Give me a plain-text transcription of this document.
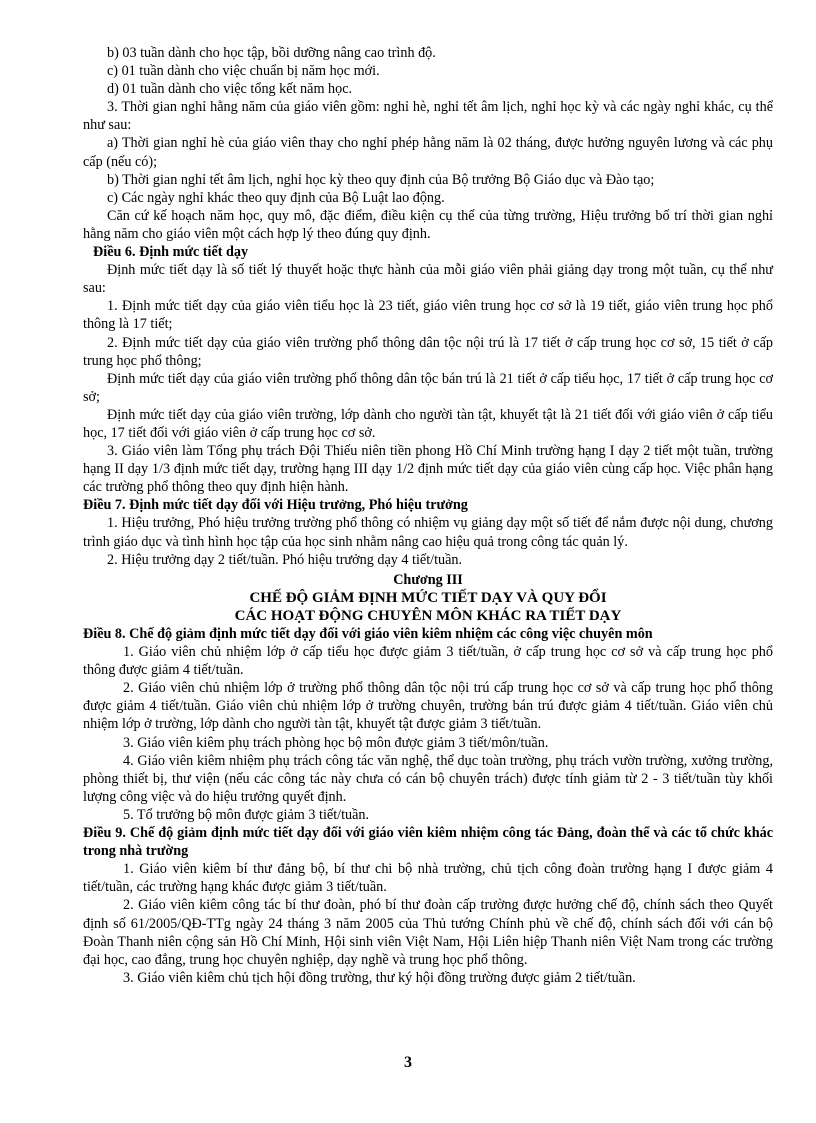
b) 03 tuần dành cho học tập, bồi dưỡng nâng cao trình độ.

c) 01 tuần dành cho việc chuẩn bị năm học mới.

d) 01 tuần dành cho việc tổng kết năm học.

3. Thời gian nghỉ hằng năm của giáo viên gồm: nghỉ hè, nghỉ tết âm lịch, nghỉ học kỳ và các ngày nghỉ khác, cụ thể như sau:

a) Thời gian nghỉ hè của giáo viên thay cho nghỉ phép hằng năm là 02 tháng, được hưởng nguyên lương và các phụ cấp (nếu có);

b) Thời gian nghỉ tết âm lịch, nghỉ học kỳ theo quy định của Bộ trưởng Bộ Giáo dục và Đào tạo;

c) Các ngày nghỉ khác theo quy định của Bộ Luật lao động.

Căn cứ kế hoạch năm học, quy mô, đặc điểm, điều kiện cụ thể của từng trường, Hiệu trưởng bố trí thời gian nghỉ hằng năm cho giáo viên một cách hợp lý theo đúng quy định.

Điều 6. Định mức tiết dạy

Định mức tiết dạy là số tiết lý thuyết hoặc thực hành của mỗi giáo viên phải giảng dạy trong một tuần, cụ thể như sau:

1. Định mức tiết dạy của giáo viên tiểu học là 23 tiết, giáo viên trung học cơ sở là 19 tiết, giáo viên trung học phổ thông là 17 tiết;

2. Định mức tiết dạy của giáo viên trường phổ thông dân tộc nội trú là 17 tiết ở cấp trung học cơ sở, 15 tiết ở cấp trung học phổ thông;

Định mức tiết dạy của giáo viên trường phổ thông dân tộc bán trú là 21 tiết ở cấp tiểu học, 17 tiết ở cấp trung học cơ sở;

Định mức tiết dạy của giáo viên trường, lớp dành cho người tàn tật, khuyết tật là 21 tiết đối với giáo viên ở cấp tiểu học, 17 tiết đối với giáo viên ở cấp trung học cơ sở.

3. Giáo viên làm Tổng phụ trách Đội Thiếu niên tiền phong Hồ Chí Minh trường hạng I dạy 2 tiết một tuần, trường hạng II dạy 1/3 định mức tiết dạy, trường hạng III dạy 1/2 định mức tiết dạy của giáo viên cùng cấp học. Việc phân hạng các trường phổ thông theo quy định hiện hành.

Điều 7. Định mức tiết dạy đối với Hiệu trưởng, Phó hiệu trưởng

1. Hiệu trưởng, Phó hiệu trưởng trường phổ thông có nhiệm vụ giảng dạy một số tiết để nắm được nội dung, chương trình giáo dục và tình hình học tập của học sinh nhằm nâng cao hiệu quả trong công tác quản lý.

2. Hiệu trưởng dạy 2 tiết/tuần. Phó hiệu trưởng dạy 4 tiết/tuần.

Chương III

CHẾ ĐỘ GIẢM ĐỊNH MỨC TIẾT DẠY VÀ QUY ĐỔI

CÁC HOẠT ĐỘNG CHUYÊN MÔN KHÁC RA TIẾT DẠY

Điều 8. Chế độ giảm định mức tiết dạy đối với giáo viên kiêm nhiệm các công việc chuyên môn

1. Giáo viên chủ nhiệm lớp ở cấp tiểu học được giảm 3 tiết/tuần, ở cấp trung học cơ sở và cấp trung học phổ thông được giảm 4 tiết/tuần.

2. Giáo viên chủ nhiệm lớp ở trường phổ thông dân tộc nội trú cấp trung học cơ sở và cấp trung học phổ thông được giảm 4 tiết/tuần. Giáo viên chủ nhiệm lớp ở trường chuyên, trường bán trú được giảm 4 tiết/tuần. Giáo viên chủ nhiệm lớp ở trường, lớp dành cho người tàn tật, khuyết tật được giảm 3 tiết/tuần.

3. Giáo viên kiêm phụ trách phòng học bộ môn được giảm 3 tiết/môn/tuần.

4. Giáo viên kiêm nhiệm phụ trách công tác văn nghệ, thể dục toàn trường, phụ trách vườn trường, xưởng trường, phòng thiết bị, thư viện (nếu các công tác này chưa có cán bộ chuyên trách) được tính giảm từ 2 - 3 tiết/tuần tùy khối lượng công việc và do hiệu trưởng quyết định.

5. Tổ trưởng bộ môn được giảm 3 tiết/tuần.

Điều 9. Chế độ giảm định mức tiết dạy đối với giáo viên kiêm nhiệm công tác Đảng, đoàn thể và các tổ chức khác trong nhà trường

1. Giáo viên kiêm bí thư đảng bộ, bí thư chi bộ nhà trường, chủ tịch công đoàn trường hạng I được giảm 4 tiết/tuần, các trường hạng khác được giảm 3 tiết/tuần.

2. Giáo viên kiêm công tác bí thư đoàn, phó bí thư đoàn cấp trường được hưởng chế độ, chính sách theo Quyết định số 61/2005/QĐ-TTg ngày 24 tháng 3 năm 2005 của Thủ tướng Chính phủ về chế độ, chính sách đối với cán bộ Đoàn Thanh niên cộng sản Hồ Chí Minh, Hội sinh viên Việt Nam, Hội Liên hiệp Thanh niên Việt Nam trong các trường đại học, cao đẳng, trung học chuyên nghiệp, dạy nghề và trung học phổ thông.

3. Giáo viên kiêm chủ tịch hội đồng trường, thư ký hội đồng trường được giảm 2 tiết/tuần.

3
